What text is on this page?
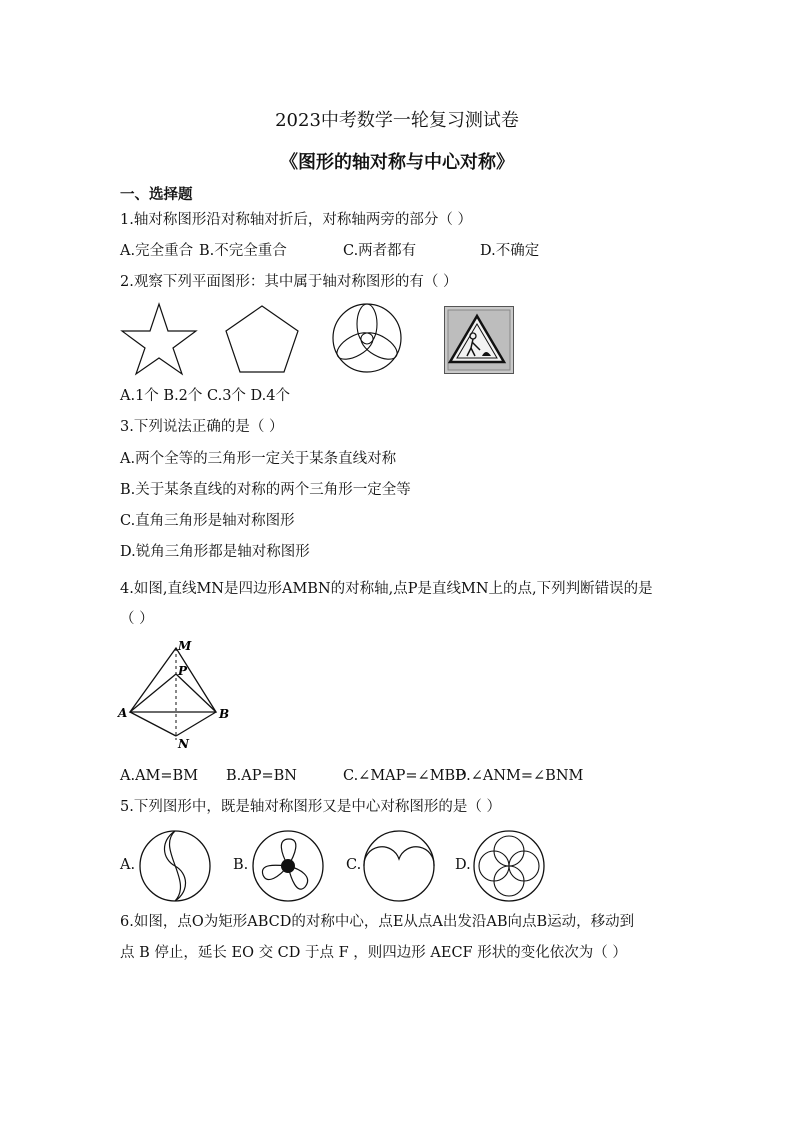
2023中考数学一轮复习测试卷
《图形的轴对称与中心对称》
一、选择题
1.轴对称图形沿对称轴对折后，对称轴两旁的部分（ ）
A.完全重合 B.不完全重合	C.两者都有	D.不确定
2.观察下列平面图形：其中属于轴对称图形的有（ ）
A.1个 B.2个 C.3个 D.4个
3.下列说法正确的是（ ）
A.两个全等的三角形一定关于某条直线对称
B.关于某条直线的对称的两个三角形一定全等
C.直角三角形是轴对称图形
D.锐角三角形都是轴对称图形
4.如图,直线MN是四边形AMBN的对称轴,点P是直线MN上的点,下列判断错误的是
（ ）
M
P
A	B
N
A.AM=BM B.AP=BN	C.∠MAP=∠MBP
D.∠ANM=∠BNM
5.下列图形中，既是轴对称图形又是中心对称图形的是（ ）
A.	B.	C.	D.
6.如图，点O为矩形ABCD的对称中心，点E从点A出发沿AB向点B运动，移动到
点 B 停止，延长 EO 交 CD 于点 F ，则四边形 AECF 形状的变化依次为（ ）
